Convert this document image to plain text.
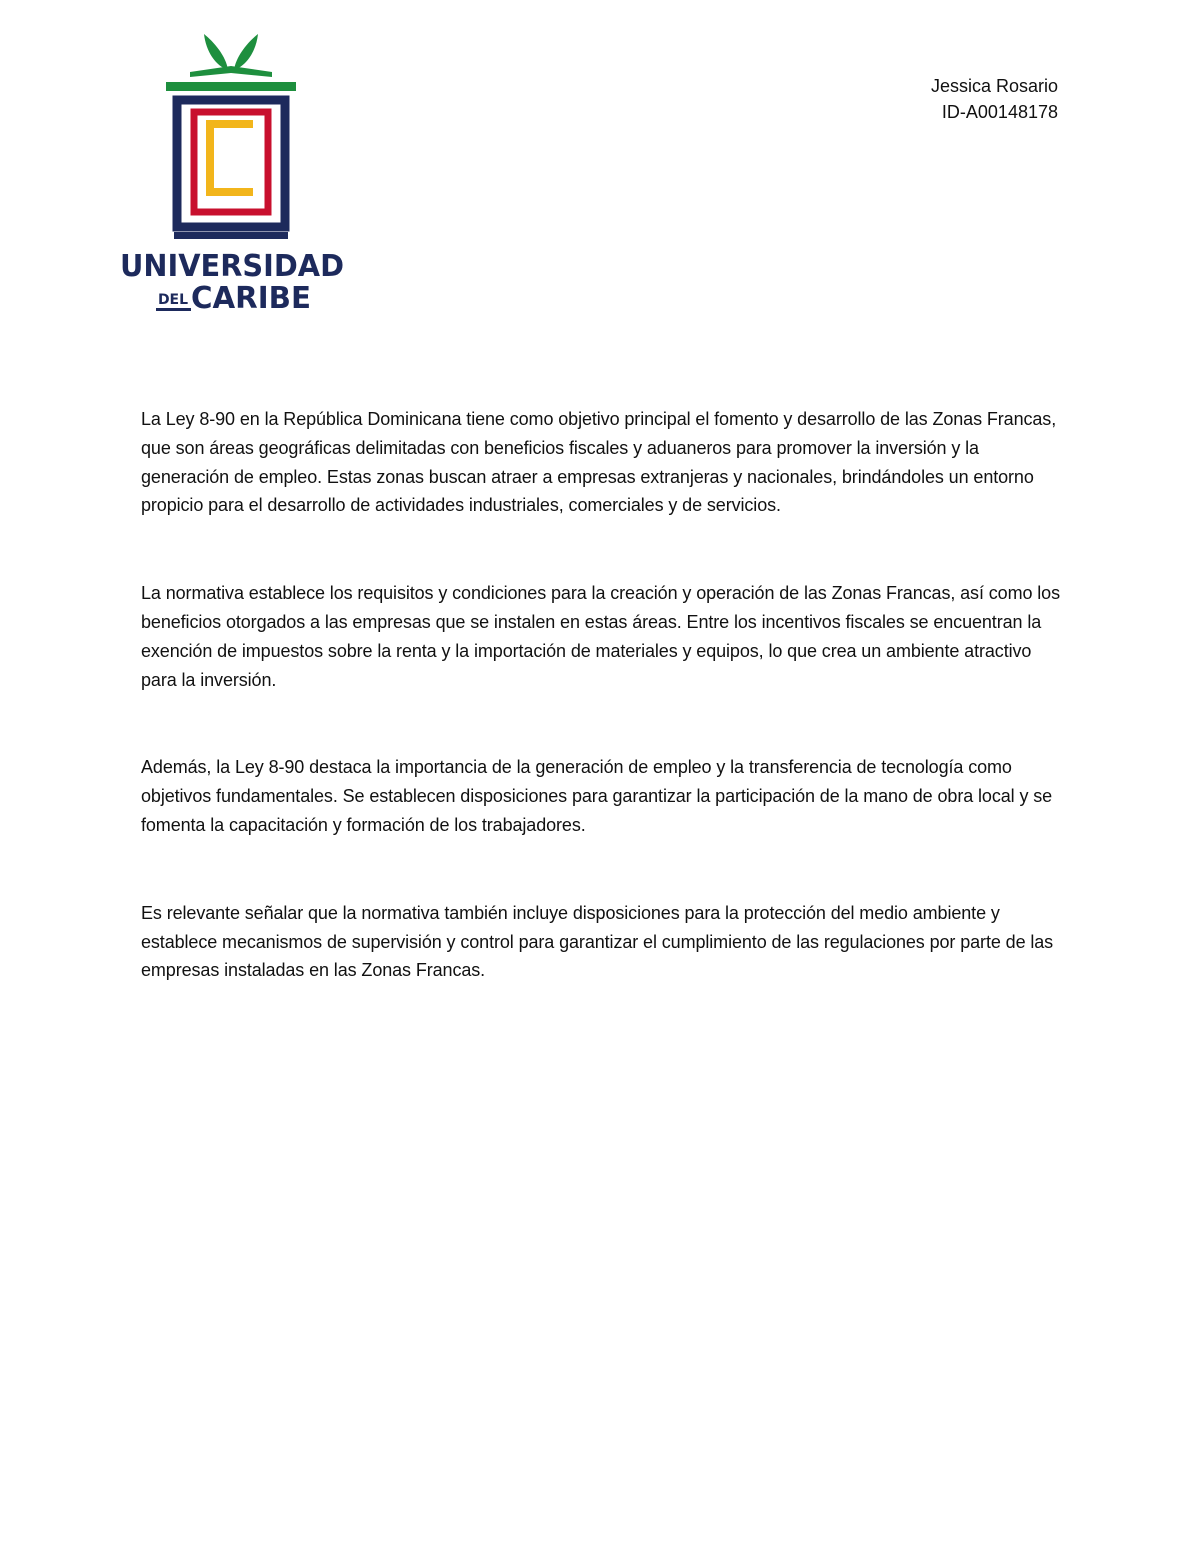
UNIVERSIDAD
DEL CARIBE
Jessica Rosario
ID-A00148178

La Ley 8-90 en la República Dominicana tiene como objetivo principal el fomento y desarrollo de las Zonas Francas, que son áreas geográficas delimitadas con beneficios fiscales y aduaneros para promover la inversión y la generación de empleo. Estas zonas buscan atraer a empresas extranjeras y nacionales, brindándoles un entorno propicio para el desarrollo de actividades industriales, comerciales y de servicios.

La normativa establece los requisitos y condiciones para la creación y operación de las Zonas Francas, así como los beneficios otorgados a las empresas que se instalen en estas áreas. Entre los incentivos fiscales se encuentran la exención de impuestos sobre la renta y la importación de materiales y equipos, lo que crea un ambiente atractivo para la inversión.

Además, la Ley 8-90 destaca la importancia de la generación de empleo y la transferencia de tecnología como objetivos fundamentales. Se establecen disposiciones para garantizar la participación de la mano de obra local y se fomenta la capacitación y formación de los trabajadores.

Es relevante señalar que la normativa también incluye disposiciones para la protección del medio ambiente y establece mecanismos de supervisión y control para garantizar el cumplimiento de las regulaciones por parte de las empresas instaladas en las Zonas Francas.
